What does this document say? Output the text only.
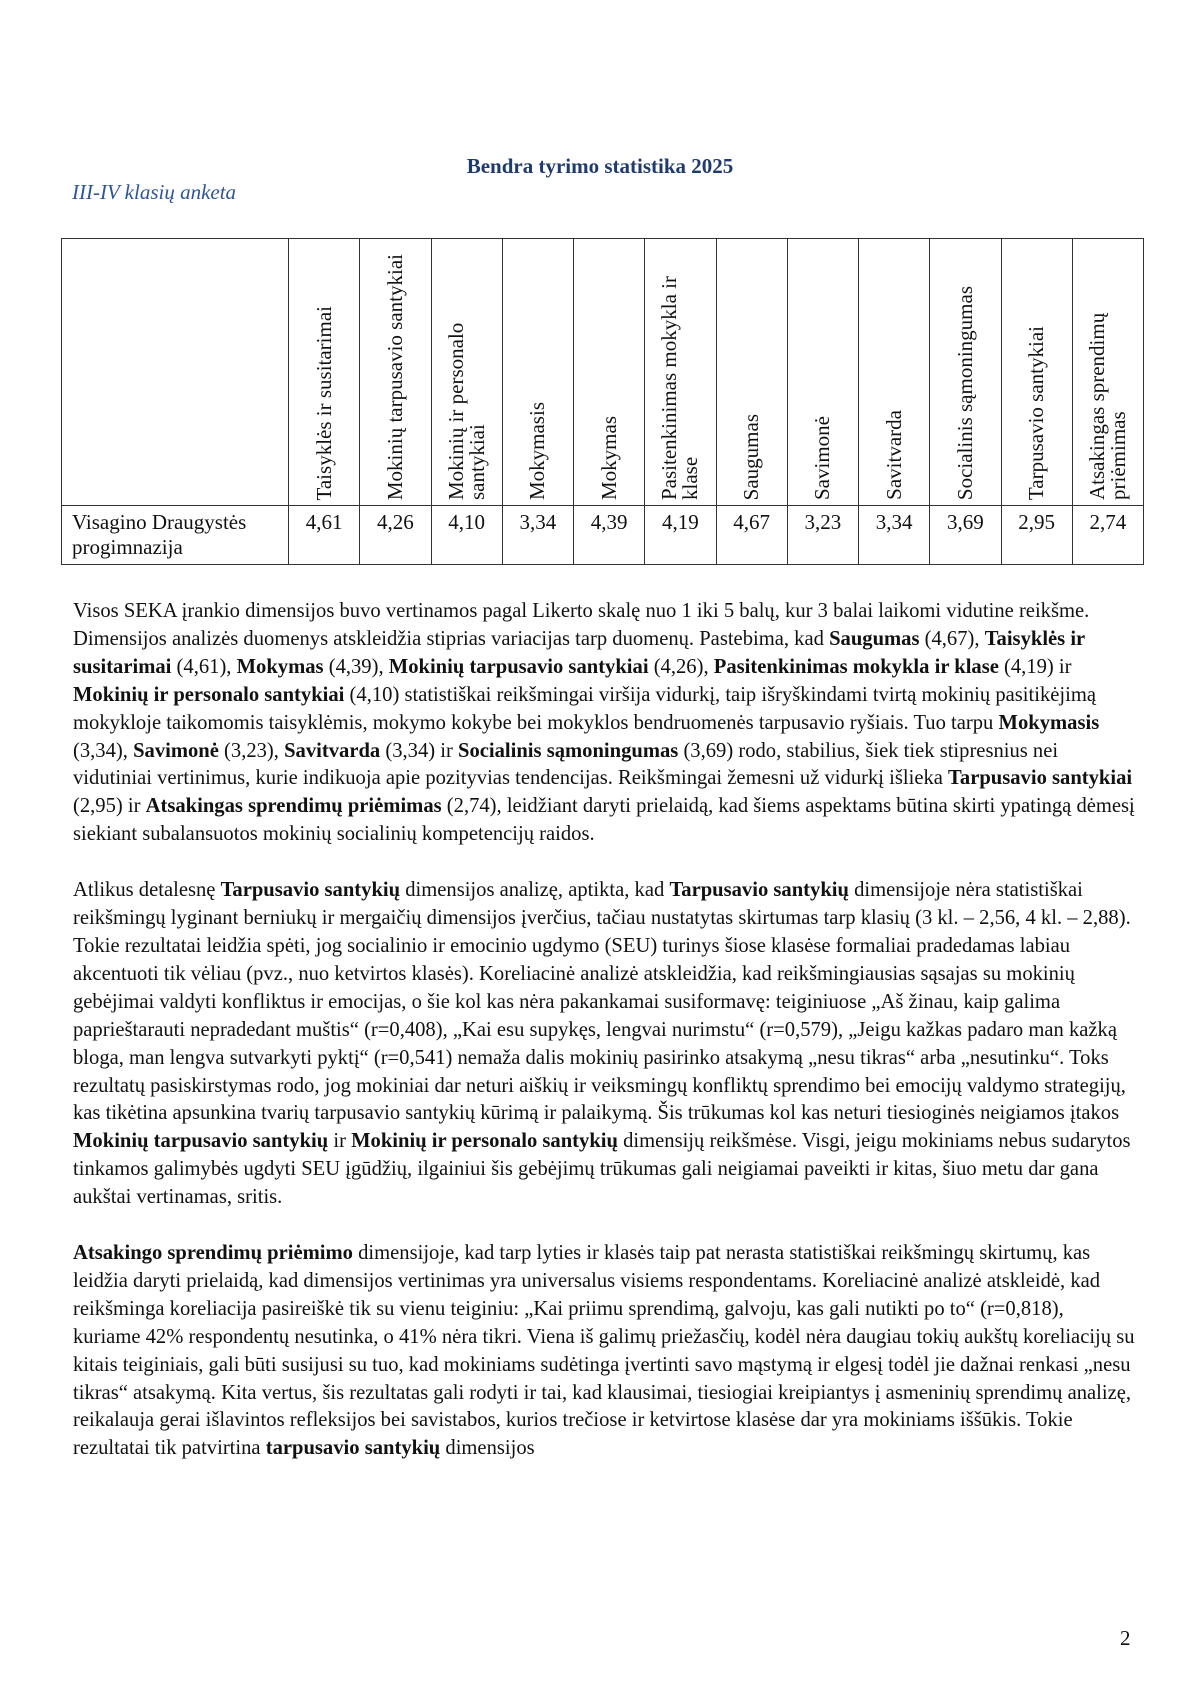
III-IV klasių anketa
Bendra tyrimo statistika 2025
	Taisyklės ir susitarimai	Mokinių tarpusavio santykiai	Mokinių ir personalo santykiai	Mokymasis	Mokymas	Pasitenkinimas mokykla ir klase	Saugumas	Savimonė	Savitvarda	Socialinis sąmoningumas	Tarpusavio santykiai	Atsakingas sprendimų priėmimas
Visagino Draugystės progimnazija	4,61	4,26	4,10	3,34	4,39	4,19	4,67	3,23	3,34	3,69	2,95	2,74

Visos SEKA įrankio dimensijos buvo vertinamos pagal Likerto skalę nuo 1 iki 5 balų, kur 3 balai laikomi vidutine reikšme. Dimensijos analizės duomenys atskleidžia stiprias variacijas tarp duomenų. Pastebima, kad Saugumas (4,67), Taisyklės ir susitarimai (4,61), Mokymas (4,39), Mokinių tarpusavio santykiai (4,26), Pasitenkinimas mokykla ir klase (4,19) ir Mokinių ir personalo santykiai (4,10) statistiškai reikšmingai viršija vidurkį, taip išryškindami tvirtą mokinių pasitikėjimą mokykloje taikomomis taisyklėmis, mokymo kokybe bei mokyklos bendruomenės tarpusavio ryšiais. Tuo tarpu Mokymasis (3,34), Savimonė (3,23), Savitvarda (3,34) ir Socialinis sąmoningumas (3,69) rodo, stabilius, šiek tiek stipresnius nei vidutiniai vertinimus, kurie indikuoja apie pozityvias tendencijas. Reikšmingai žemesni už vidurkį išlieka Tarpusavio santykiai (2,95) ir Atsakingas sprendimų priėmimas (2,74), leidžiant daryti prielaidą, kad šiems aspektams būtina skirti ypatingą dėmesį siekiant subalansuotos mokinių socialinių kompetencijų raidos.

Atlikus detalesnę Tarpusavio santykių dimensijos analizę, aptikta, kad Tarpusavio santykių dimensijoje nėra statistiškai reikšmingų lyginant berniukų ir mergaičių dimensijos įverčius, tačiau nustatytas skirtumas tarp klasių (3 kl. – 2,56, 4 kl. – 2,88). Tokie rezultatai leidžia spėti, jog socialinio ir emocinio ugdymo (SEU) turinys šiose klasėse formaliai pradedamas labiau akcentuoti tik vėliau (pvz., nuo ketvirtos klasės). Koreliacinė analizė atskleidžia, kad reikšmingiausias sąsajas su mokinių gebėjimai valdyti konfliktus ir emocijas, o šie kol kas nėra pakankamai susiformavę: teiginiuose „Aš žinau, kaip galima paprieštarauti nepradedant muštis“ (r=0,408), „Kai esu supykęs, lengvai nurimstu“ (r=0,579), „Jeigu kažkas padaro man kažką bloga, man lengva sutvarkyti pyktį“ (r=0,541) nemaža dalis mokinių pasirinko atsakymą „nesu tikras“ arba „nesutinku“. Toks rezultatų pasiskirstymas rodo, jog mokiniai dar neturi aiškių ir veiksmingų konfliktų sprendimo bei emocijų valdymo strategijų, kas tikėtina apsunkina tvarių tarpusavio santykių kūrimą ir palaikymą. Šis trūkumas kol kas neturi tiesioginės neigiamos įtakos Mokinių tarpusavio santykių ir Mokinių ir personalo santykių dimensijų reikšmėse. Visgi, jeigu mokiniams nebus sudarytos tinkamos galimybės ugdyti SEU įgūdžių, ilgainiui šis gebėjimų trūkumas gali neigiamai paveikti ir kitas, šiuo metu dar gana aukštai vertinamas, sritis.

Atsakingo sprendimų priėmimo dimensijoje, kad tarp lyties ir klasės taip pat nerasta statistiškai reikšmingų skirtumų, kas leidžia daryti prielaidą, kad dimensijos vertinimas yra universalus visiems respondentams. Koreliacinė analizė atskleidė, kad reikšminga koreliacija pasireiškė tik su vienu teiginiu: „Kai priimu sprendimą, galvoju, kas gali nutikti po to“ (r=0,818), kuriame 42% respondentų nesutinka, o 41% nėra tikri. Viena iš galimų priežasčių, kodėl nėra daugiau tokių aukštų koreliacijų su kitais teiginiais, gali būti susijusi su tuo, kad mokiniams sudėtinga įvertinti savo mąstymą ir elgesį todėl jie dažnai renkasi „nesu tikras“ atsakymą. Kita vertus, šis rezultatas gali rodyti ir tai, kad klausimai, tiesiogiai kreipiantys į asmeninių sprendimų analizę, reikalauja gerai išlavintos refleksijos bei savistabos, kurios trečiose ir ketvirtose klasėse dar yra mokiniams iššūkis. Tokie rezultatai tik patvirtina tarpusavio santykių dimensijos

2
